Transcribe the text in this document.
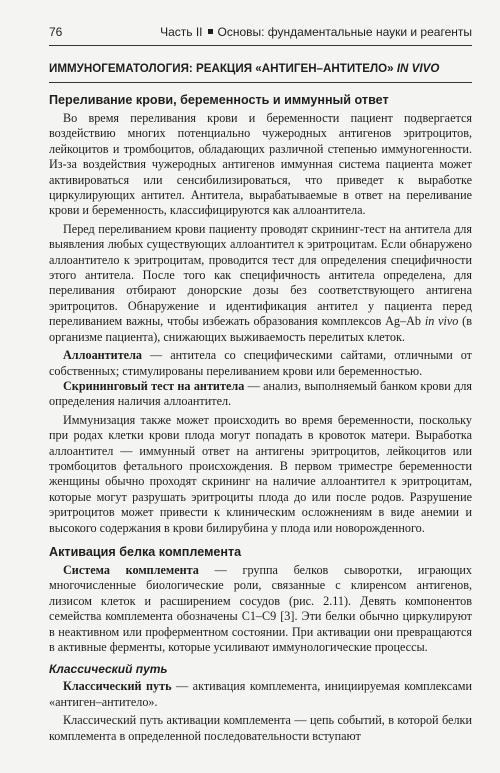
76	Часть II Основы: фундаментальные науки и реагенты
ИММУНОГЕМАТОЛОГИЯ: РЕАКЦИЯ «АНТИГЕН–АНТИТЕЛО» IN VIVO
Переливание крови, беременность и иммунный ответ

Во время переливания крови и беременности пациент подвергается воздействию многих потенциально чужеродных антигенов эритроцитов, лейкоцитов и тромбоцитов, обладающих различной степенью иммуногенности. Из-за воздействия чужеродных антигенов иммунная система пациента может активироваться или сенсибилизироваться, что приведет к выработке циркулирующих антител. Антитела, вырабатываемые в ответ на переливание крови и беременность, классифицируются как аллоантитела.

Перед переливанием крови пациенту проводят скрининг-тест на антитела для выявления любых существующих аллоантител к эритроцитам. Если обнаружено аллоантитело к эритроцитам, проводится тест для определения специфичности этого антитела. После того как специфичность антитела определена, для переливания отбирают донорские дозы без соответствующего антигена эритроцитов. Обнаружение и идентификация антител у пациента перед переливанием важны, чтобы избежать образования комплексов Ag–Ab in vivo (в организме пациента), снижающих выживаемость перелитых клеток.

Аллоантитела — антитела со специфическими сайтами, отличными от собственных; стимулированы переливанием крови или беременностью.

Скрининговый тест на антитела — анализ, выполняемый банком крови для определения наличия аллоантител.

Иммунизация также может происходить во время беременности, поскольку при родах клетки крови плода могут попадать в кровоток матери. Выработка аллоантител — иммунный ответ на антигены эритроцитов, лейкоцитов или тромбоцитов фетального происхождения. В первом триместре беременности женщины обычно проходят скрининг на наличие аллоантител к эритроцитам, которые могут разрушать эритроциты плода до или после родов. Разрушение эритроцитов может привести к клиническим осложнениям в виде анемии и высокого содержания в крови билирубина у плода или новорожденного.

Активация белка комплемента

Система комплемента — группа белков сыворотки, играющих многочисленные биологические роли, связанные с клиренсом антигенов, лизисом клеток и расширением сосудов (рис. 2.11). Девять компонентов семейства комплемента обозначены C1–C9 [3]. Эти белки обычно циркулируют в неактивном или проферментном состоянии. При активации они превращаются в активные ферменты, которые усиливают иммунологические процессы.

Классический путь

Классический путь — активация комплемента, инициируемая комплексами «антиген–антитело».

Классический путь активации комплемента — цепь событий, в которой белки комплемента в определенной последовательности вступают
